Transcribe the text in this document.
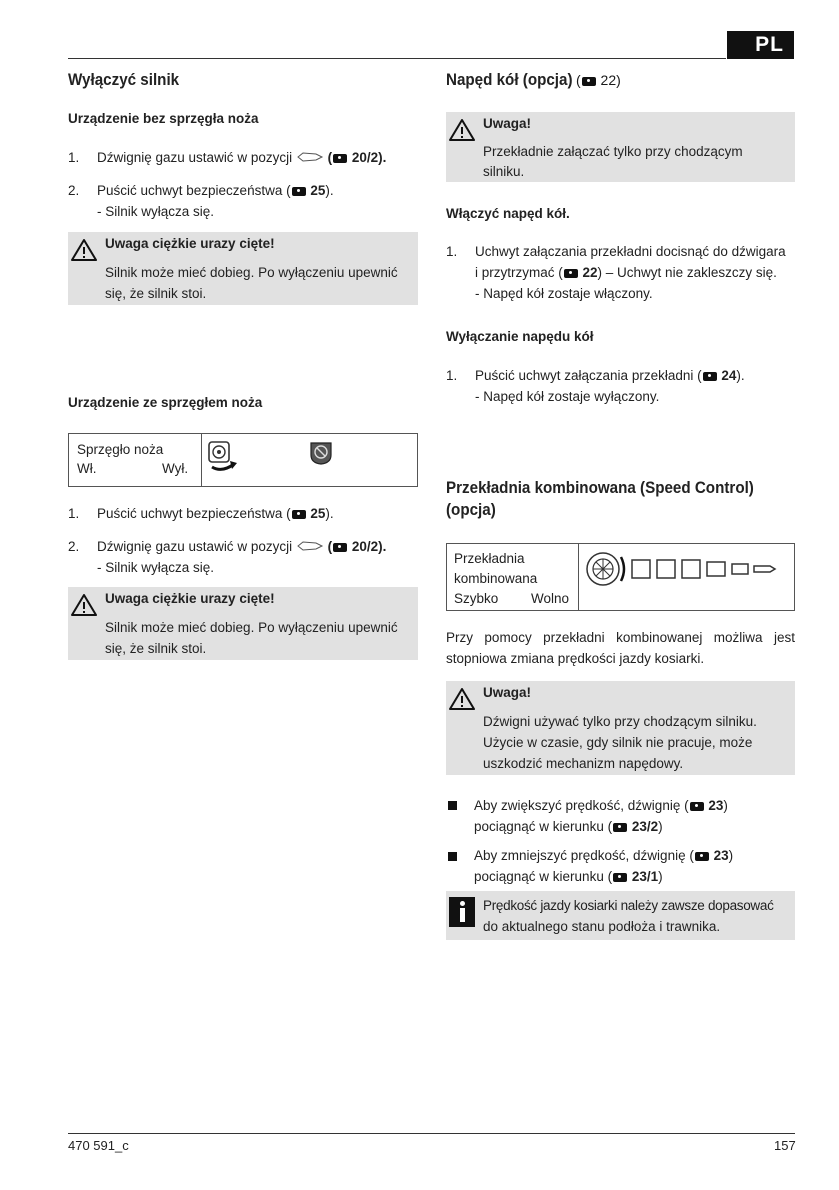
PL
Wyłączyć silnik
Urządzenie bez sprzęgła noża
1. Dźwignię gazu ustawić w pozycji	( 20/2).
2. Puścić uchwyt bezpieczeństwa ( 25).
- Silnik wyłącza się.
Uwaga ciężkie urazy cięte!
Silnik może mieć dobieg. Po wyłączeniu upewnić
się, że silnik stoi.
Urządzenie ze sprzęgłem noża
Sprzęgło noża
Wł.	Wył.
1. Puścić uchwyt bezpieczeństwa ( 25).
2. Dźwignię gazu ustawić w pozycji	( 20/2).
- Silnik wyłącza się.
Uwaga ciężkie urazy cięte!
Silnik może mieć dobieg. Po wyłączeniu upewnić
się, że silnik stoi.
Napęd kół (opcja) ( 22)
Uwaga!
Przekładnie załączać tylko przy chodzącym
silniku.
Włączyć napęd kół.
1. Uchwyt załączania przekładni docisnąć do dźwigara
i przytrzymać ( 22) – Uchwyt nie zakleszczy się.
- Napęd kół zostaje włączony.
Wyłączanie napędu kół
1. Puścić uchwyt załączania przekładni ( 24).
- Napęd kół zostaje wyłączony.
Przekładnia kombinowana (Speed Control)
(opcja)
Przekładnia
kombinowana
Szybko Wolno
Przy pomocy przekładni kombinowanej możliwa jest
stopniowa zmiana prędkości jazdy kosiarki.
Uwaga!
Dźwigni używać tylko przy chodzącym silniku.
Użycie w czasie, gdy silnik nie pracuje, może
uszkodzić mechanizm napędowy.
Aby zwiększyć prędkość, dźwignię ( 23)
pociągnąć w kierunku ( 23/2)
Aby zmniejszyć prędkość, dźwignię ( 23)
pociągnąć w kierunku ( 23/1)
Prędkość jazdy kosiarki należy zawsze dopasować
do aktualnego stanu podłoża i trawnika.
470 591_c	157
